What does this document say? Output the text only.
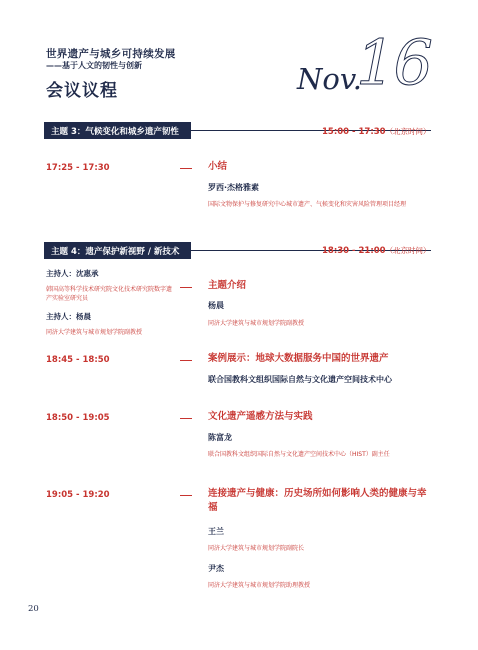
世界遗产与城乡可持续发展
——基于人文的韧性与创新
会议议程	16
Nov.
主题 3：气候变化和城乡遗产韧性	15:00 - 17:30（北京时间）
17:25 - 17:30	小结
罗西·杰格雅素
国际文物保护与修复研究中心城市遗产、气候变化和灾害风险管理项目经理
主题 4：遗产保护新视野 / 新技术	18:30 - 21:00（北京时间）
主持人：沈惠承
韩国高等科学技术研究院文化技术研究院数字遗产实验室研究员
主持人：杨晨
同济大学建筑与城市规划学院副教授
主题介绍
杨晨
同济大学建筑与城市规划学院副教授
18:45 - 18:50	案例展示：地球大数据服务中国的世界遗产
联合国教科文组织国际自然与文化遗产空间技术中心
18:50 - 19:05	文化遗产遥感方法与实践
陈富龙
联合国教科文组织国际自然与文化遗产空间技术中心（HIST）副主任
19:05 - 19:20	连接遗产与健康：历史场所如何影响人类的健康与幸
福
王兰
同济大学建筑与城市规划学院副院长
尹杰
同济大学建筑与城市规划学院助理教授
20
